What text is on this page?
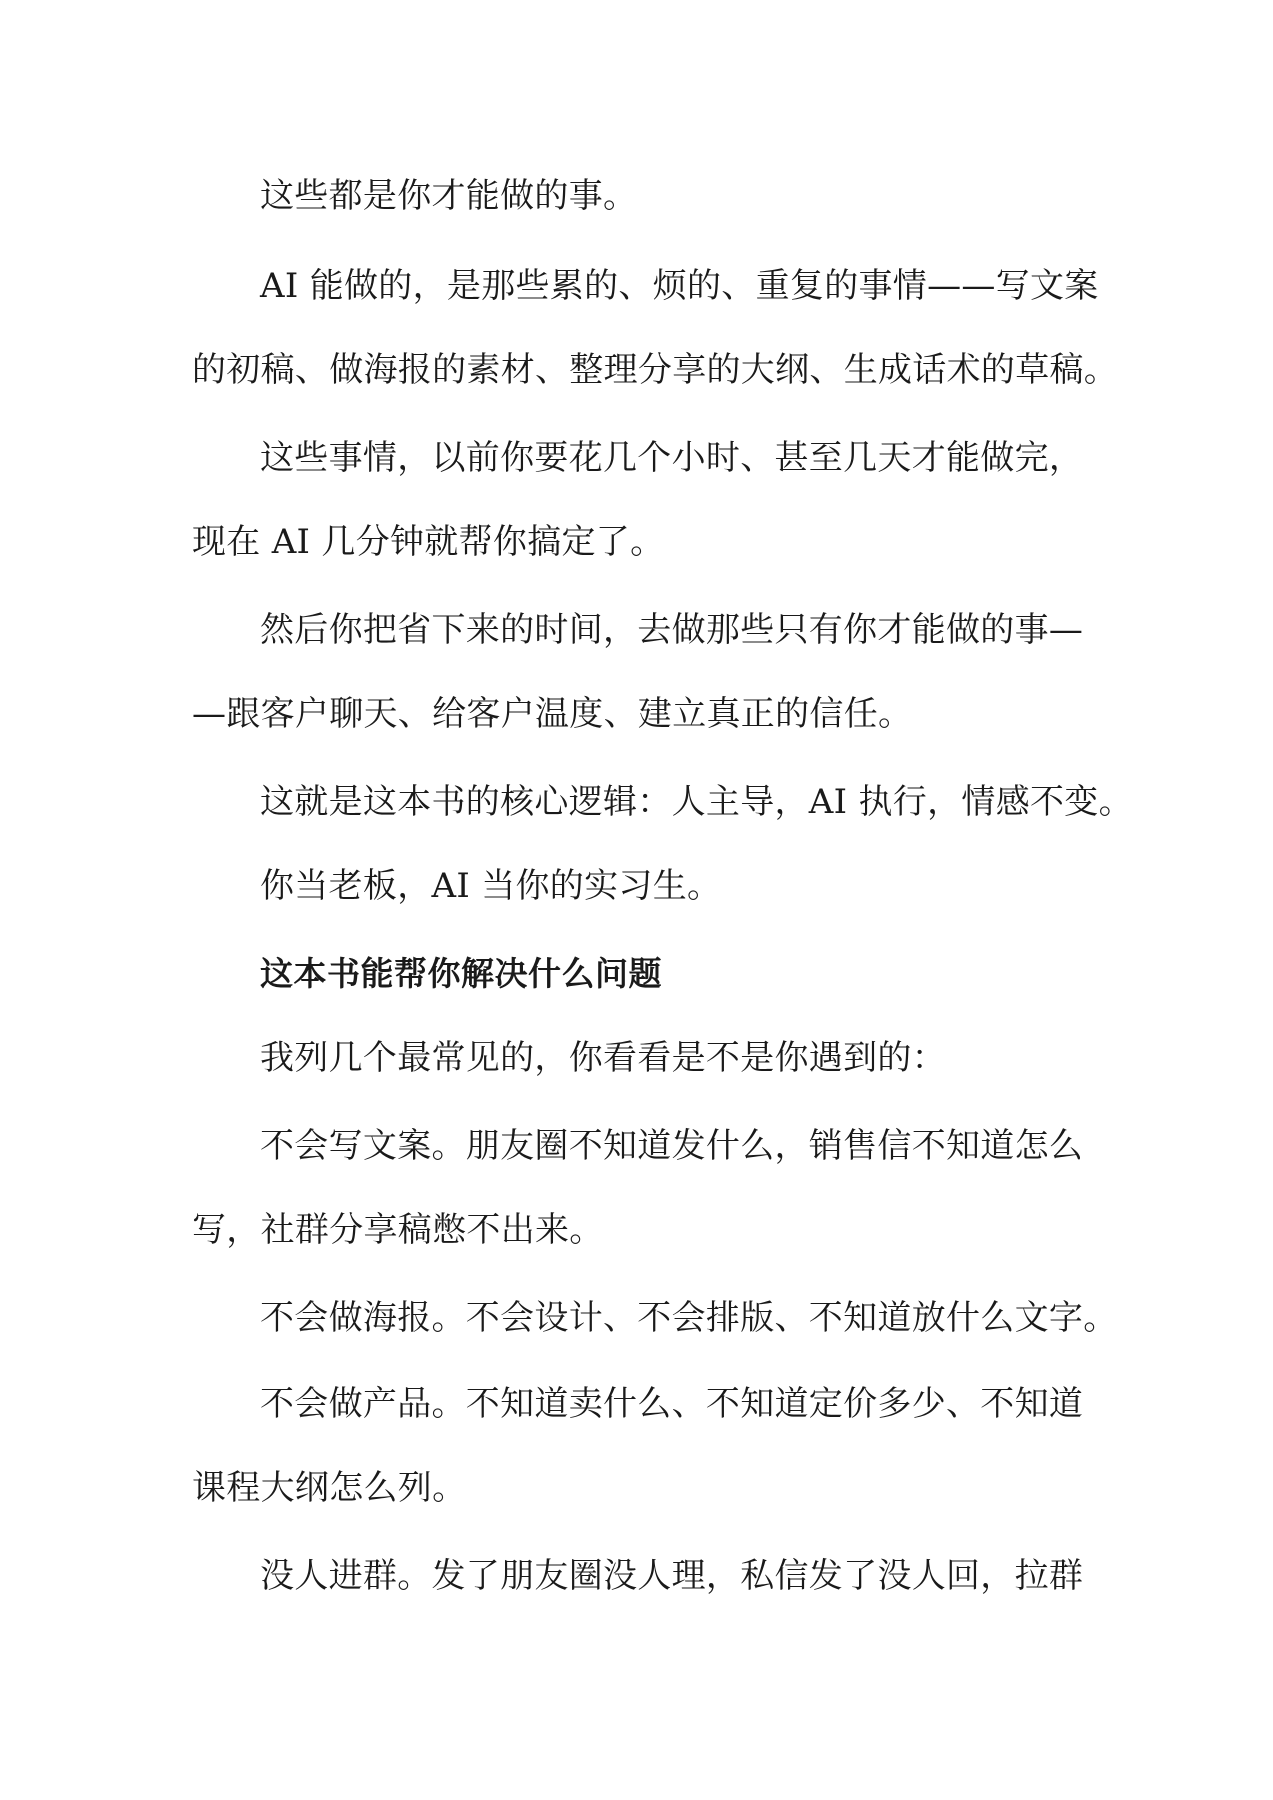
这些都是你才能做的事。

AI 能做的，是那些累的、烦的、重复的事情——写文案

的初稿、做海报的素材、整理分享的大纲、生成话术的草稿。

这些事情，以前你要花几个小时、甚至几天才能做完，

现在 AI 几分钟就帮你搞定了。

然后你把省下来的时间，去做那些只有你才能做的事—

—跟客户聊天、给客户温度、建立真正的信任。

这就是这本书的核心逻辑：人主导，AI 执行，情感不变。

你当老板，AI 当你的实习生。

这本书能帮你解决什么问题

我列几个最常见的，你看看是不是你遇到的：

不会写文案。朋友圈不知道发什么，销售信不知道怎么

写，社群分享稿憋不出来。

不会做海报。不会设计、不会排版、不知道放什么文字。

不会做产品。不知道卖什么、不知道定价多少、不知道

课程大纲怎么列。

没人进群。发了朋友圈没人理，私信发了没人回，拉群
